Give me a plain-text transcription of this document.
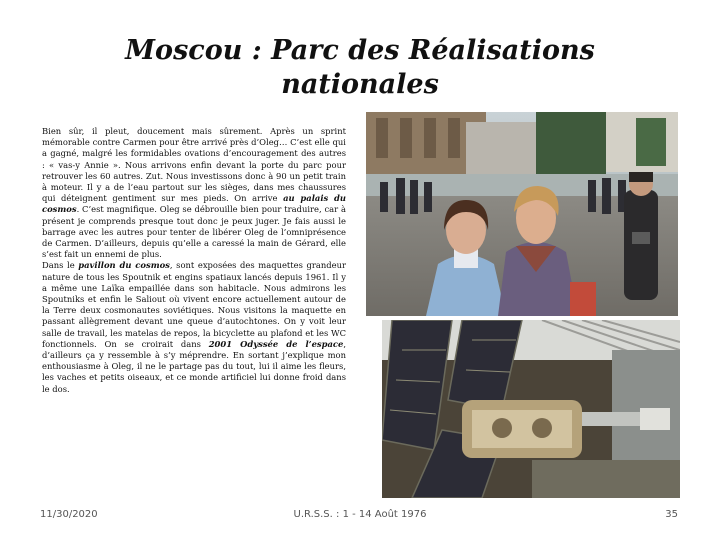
Moscou : Parc des Réalisations
nationales

Bien sûr, il pleut, doucement mais sûrement. Après un sprint mémorable contre Carmen pour être arrivé près d’Oleg… C’est elle qui a gagné, malgré les formidables ovations d’encouragement des autres : « vas-y Annie ». Nous arrivons enfin devant la porte du parc pour retrouver les 60 autres. Zut. Nous investissons donc à 90 un petit train à moteur. Il y a de l’eau partout sur les sièges, dans mes chaussures qui déteignent gentiment sur mes pieds. On arrive au palais du cosmos. C’est magnifique. Oleg se débrouille bien pour traduire, car à présent je comprends presque tout donc je peux juger. Je fais aussi le barrage avec les autres pour tenter de libérer Oleg de l’omniprésence de Carmen. D’ailleurs, depuis qu’elle a caressé la main de Gérard, elle s’est fait un ennemi de plus.

Dans le pavillon du cosmos, sont exposées des maquettes grandeur nature de tous les Spoutnik et engins spatiaux lancés depuis 1961. Il y a même une Laïka empaillée dans son habitacle. Nous admirons les Spoutniks et enfin le Saliout où vivent encore actuellement autour de la Terre deux cosmonautes soviétiques. Nous visitons la maquette en passant allègrement devant une queue d’autochtones. On y voit leur salle de travail, les matelas de repos, la bicyclette au plafond et les WC fonctionnels. On se croirait dans 2001 Odyssée de l’espace, d’ailleurs ça y ressemble à s’y méprendre. En sortant j’explique mon enthousiasme à Oleg, il ne le partage pas du tout, lui il aime les fleurs, les vaches et petits oiseaux, et ce monde artificiel lui donne froid dans le dos.

11/30/2020	U.R.S.S. : 1 - 14 Août 1976	35
